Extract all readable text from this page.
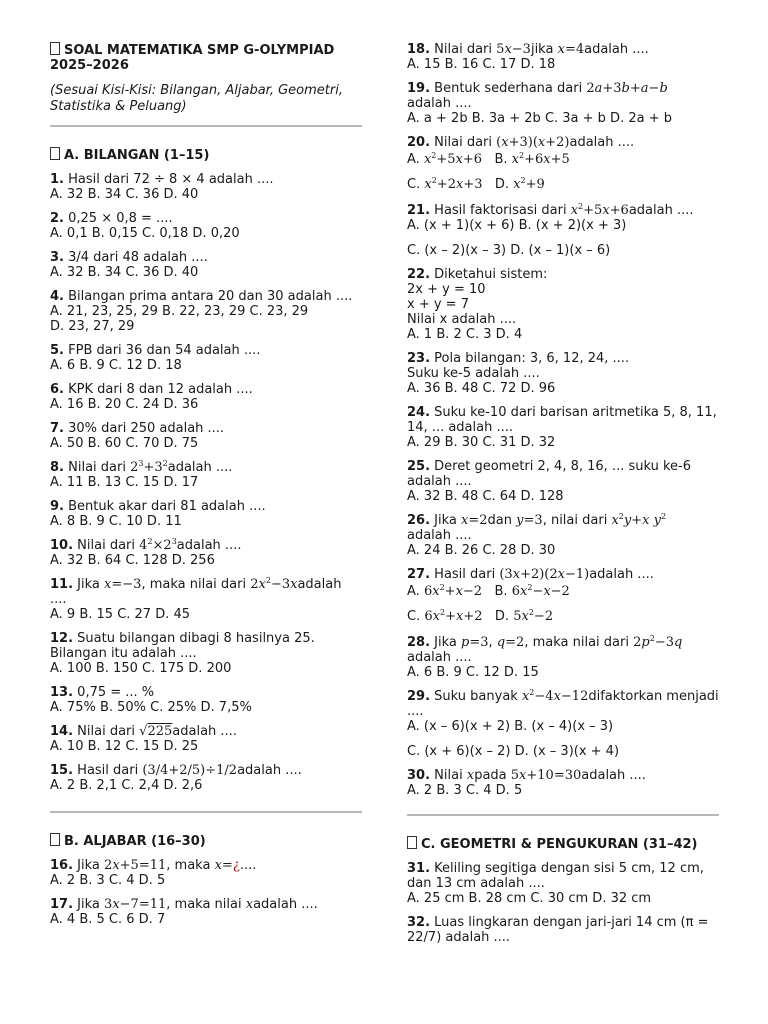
SOAL MATEMATIKA SMP G-OLYMPIAD 2025–2026
(Sesuai Kisi-Kisi: Bilangan, Aljabar, Geometri, Statistika & Peluang)
A. BILANGAN (1–15)
1. Hasil dari 72 ÷ 8 × 4 adalah ....
A. 32 B. 34 C. 36 D. 40
2. 0,25 × 0,8 = ....
A. 0,1 B. 0,15 C. 0,18 D. 0,20
3. 3/4 dari 48 adalah ....
A. 32 B. 34 C. 36 D. 40
4. Bilangan prima antara 20 dan 30 adalah ....
A. 21, 23, 25, 29 B. 22, 23, 29 C. 23, 29
D. 23, 27, 29
5. FPB dari 36 dan 54 adalah ....
A. 6 B. 9 C. 12 D. 18
6. KPK dari 8 dan 12 adalah ....
A. 16 B. 20 C. 24 D. 36
7. 30% dari 250 adalah ....
A. 50 B. 60 C. 70 D. 75
8. Nilai dari $2^3+3^2adalah$ ....
A. 11 B. 13 C. 15 D. 17
9. Bentuk akar dari 81 adalah ....
A. 8 B. 9 C. 10 D. 11
10. Nilai dari $4^2\times 2^3adalah$ ....
A. 32 B. 64 C. 128 D. 256
11. Jika x=−3, maka nilai dari $2x^2-3xadalah$ ....
A. 9 B. 15 C. 27 D. 45
12. Suatu bilangan dibagi 8 hasilnya 25.
Bilangan itu adalah ....
A. 100 B. 150 C. 175 D. 200
13. 0,75 = ... %
A. 75% B. 50% C. 25% D. 7,5%
14. Nilai dari √225adalah ....
A. 10 B. 12 C. 15 D. 25
15. Hasil dari (3/4+2/5)÷1/2adalah ....
A. 2 B. 2,1 C. 2,4 D. 2,6
B. ALJABAR (16–30)
16. Jika 2x+5=11, maka x=¿....
A. 2 B. 3 C. 4 D. 5
17. Jika 3x−7=11, maka nilai xadalah ....
A. 4 B. 5 C. 6 D. 7
18. Nilai dari 5x−3jika x=4adalah ....
A. 15 B. 16 C. 17 D. 18
19. Bentuk sederhana dari 2a+3b+a−b
adalah ....
A. a + 2b B. 3a + 2b C. 3a + b D. 2a + b
20. Nilai dari (x+3)(x+2)adalah ....
A. $x^2+5x+6$ B. $x^2+6x+5$
C. $x^2+2x+3$ D. $x^2+9$
21. Hasil faktorisasi dari $x^2+5x+6adalah$ ....
A. (x + 1)(x + 6) B. (x + 2)(x + 3)
C. (x – 2)(x – 3) D. (x – 1)(x – 6)
22. Diketahui sistem:
2x + y = 10
x + y = 7
Nilai x adalah ....
A. 1 B. 2 C. 3 D. 4
23. Pola bilangan: 3, 6, 12, 24, ....
Suku ke-5 adalah ....
A. 36 B. 48 C. 72 D. 96
24. Suku ke-10 dari barisan aritmetika 5, 8, 11, 14, ... adalah ....
A. 29 B. 30 C. 31 D. 32
25. Deret geometri 2, 4, 8, 16, ... suku ke-6 adalah ....
A. 32 B. 48 C. 64 D. 128
26. Jika x=2dan y=3, nilai dari $x^2y+x$ $y^2$
adalah ....
A. 24 B. 26 C. 28 D. 30
27. Hasil dari (3x+2)(2x−1)adalah ....
A. $6x^2+x-2$ B. $6x^2-x-2$
C. $6x^2+x+2$ D. $5x^2-2$
28. Jika p=3, q=2, maka nilai dari $2p^2-3q$
adalah ....
A. 6 B. 9 C. 12 D. 15
29. Suku banyak $x^2-4x-12difaktorkan$ menjadi ....
A. (x – 6)(x + 2) B. (x – 4)(x – 3)
C. (x + 6)(x – 2) D. (x – 3)(x + 4)
30. Nilai xpada 5x+10=30adalah ....
A. 2 B. 3 C. 4 D. 5
C. GEOMETRI & PENGUKURAN (31–42)
31. Keliling segitiga dengan sisi 5 cm, 12 cm, dan 13 cm adalah ....
A. 25 cm B. 28 cm C. 30 cm D. 32 cm
32. Luas lingkaran dengan jari-jari 14 cm (π = 22/7) adalah ....
